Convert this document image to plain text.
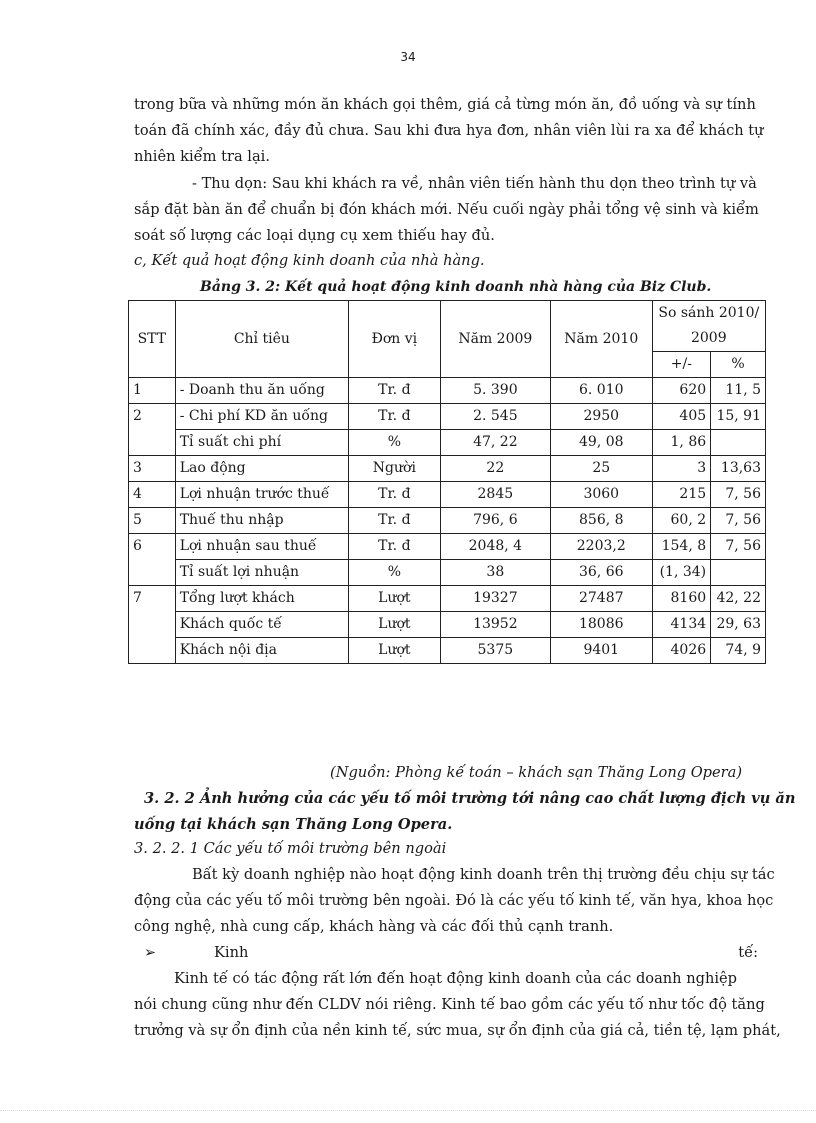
34
trong bữa và những món ăn khách gọi thêm, giá cả từng món ăn, đồ uống và sự tính
toán đã chính xác, đầy đủ chưa. Sau khi đưa hya đơn, nhân viên lùi ra xa để khách tự
nhiên kiểm tra lại.
- Thu dọn: Sau khi khách ra về, nhân viên tiến hành thu dọn theo trình tự và
sắp đặt bàn ăn để chuẩn bị đón khách mới. Nếu cuối ngày phải tổng vệ sinh và kiểm
soát số lượng các loại dụng cụ xem thiếu hay đủ.
c, Kết quả hoạt động kinh doanh của nhà hàng.
Bảng 3. 2: Kết quả hoạt động kinh doanh nhà hàng của Biz Club.
STT	Chỉ tiêu	Đơn vị	Năm 2009	Năm 2010	So sánh 2010/ 2009	
					+/-	%
1	- Doanh thu ăn uống	Tr. đ	5. 390	6. 010	620	11, 5
2	- Chi phí KD ăn uống	Tr. đ	2. 545	2950	405	15, 91
	Tỉ suất chi phí	%	47, 22	49, 08	1, 86	
3	Lao động	Người	22	25	3	13,63
4	Lợi nhuận trước thuế	Tr. đ	2845	3060	215	7, 56
5	Thuế thu nhập	Tr. đ	796, 6	856, 8	60, 2	7, 56
6	Lợi nhuận sau thuế	Tr. đ	2048, 4	2203,2	154, 8	7, 56
	Tỉ suất lợi nhuận	%	38	36, 66	(1, 34)	
7	Tổng lượt khách	Lượt	19327	27487	8160	42, 22
	Khách quốc tế	Lượt	13952	18086	4134	29, 63
	Khách nội địa	Lượt	5375	9401	4026	74, 9
(Nguồn: Phòng kế toán – khách sạn Thăng Long Opera)
3. 2. 2 Ảnh hưởng của các yếu tố môi trường tới nâng cao chất lượng địch vụ ăn
uống tại khách sạn Thăng Long Opera.
3. 2. 2. 1 Các yếu tố môi trường bên ngoài
Bất kỳ doanh nghiệp nào hoạt động kinh doanh trên thị trường đều chịu sự tác
động của các yếu tố môi trường bên ngoài. Đó là các yếu tố kinh tế, văn hya, khoa học
công nghệ, nhà cung cấp, khách hàng và các đối thủ cạnh tranh.
➢	Kinh	tế:
Kinh tế có tác động rất lớn đến hoạt động kinh doanh của các doanh nghiệp
nói chung cũng như đến CLDV nói riêng. Kinh tế bao gồm các yếu tố như tốc độ tăng
trưởng và sự ổn định của nền kinh tế, sức mua, sự ổn định của giá cả, tiền tệ, lạm phát,
